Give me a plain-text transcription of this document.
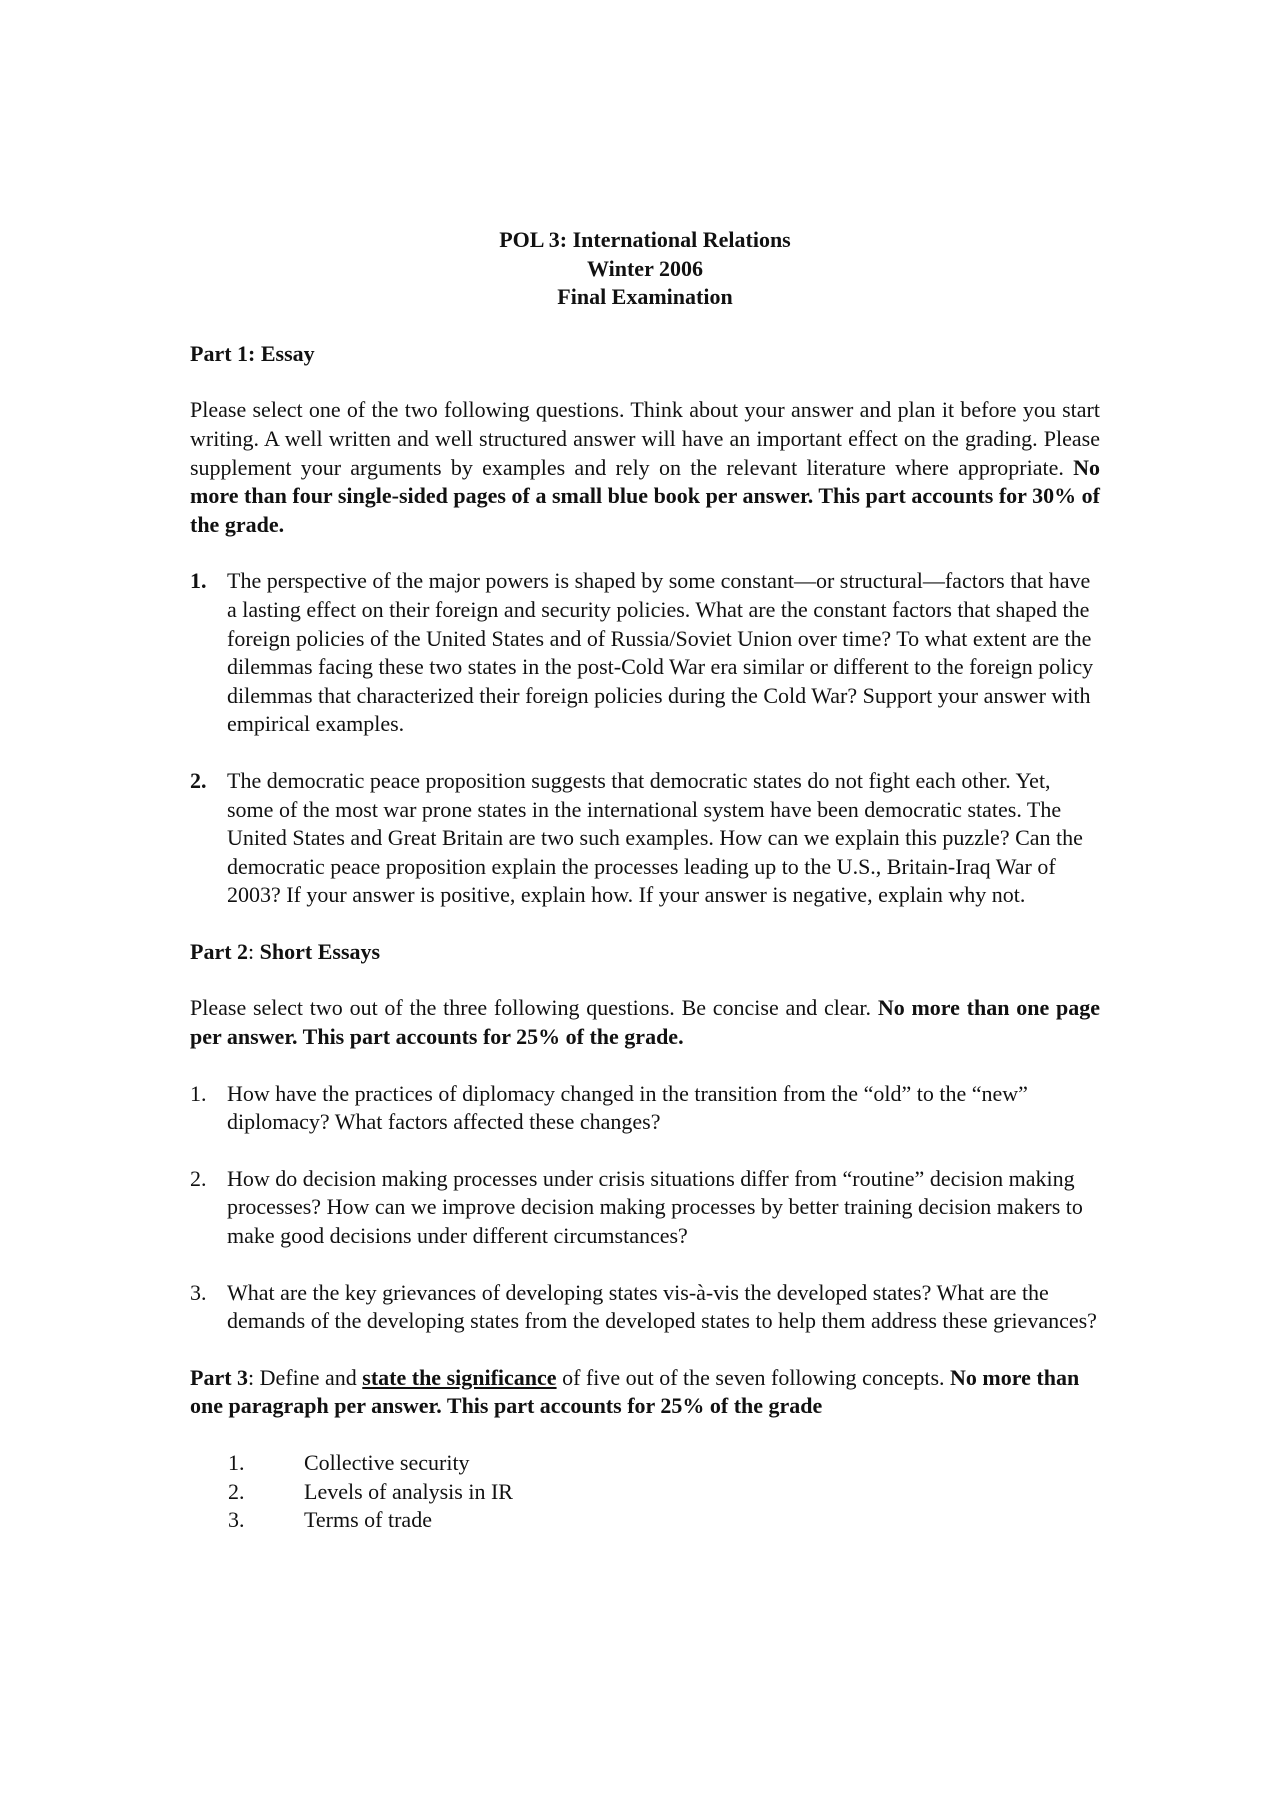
POL 3: International Relations
Winter 2006
Final Examination
Part 1: Essay
Please select one of the two following questions. Think about your answer and plan it before you start writing. A well written and well structured answer will have an important effect on the grading. Please supplement your arguments by examples and rely on the relevant literature where appropriate. No more than four single-sided pages of a small blue book per answer. This part accounts for 30% of the grade.
1. The perspective of the major powers is shaped by some constant—or structural—factors that have a lasting effect on their foreign and security policies. What are the constant factors that shaped the foreign policies of the United States and of Russia/Soviet Union over time? To what extent are the dilemmas facing these two states in the post-Cold War era similar or different to the foreign policy dilemmas that characterized their foreign policies during the Cold War? Support your answer with empirical examples.
2. The democratic peace proposition suggests that democratic states do not fight each other. Yet, some of the most war prone states in the international system have been democratic states. The United States and Great Britain are two such examples. How can we explain this puzzle? Can the democratic peace proposition explain the processes leading up to the U.S., Britain-Iraq War of 2003? If your answer is positive, explain how. If your answer is negative, explain why not.
Part 2: Short Essays
Please select two out of the three following questions. Be concise and clear. No more than one page per answer. This part accounts for 25% of the grade.
1. How have the practices of diplomacy changed in the transition from the “old” to the “new” diplomacy? What factors affected these changes?
2. How do decision making processes under crisis situations differ from “routine” decision making processes? How can we improve decision making processes by better training decision makers to make good decisions under different circumstances?
3. What are the key grievances of developing states vis-à-vis the developed states? What are the demands of the developing states from the developed states to help them address these grievances?
Part 3: Define and state the significance of five out of the seven following concepts. No more than one paragraph per answer. This part accounts for 25% of the grade
1.	Collective security
2.	Levels of analysis in IR
3.	Terms of trade
